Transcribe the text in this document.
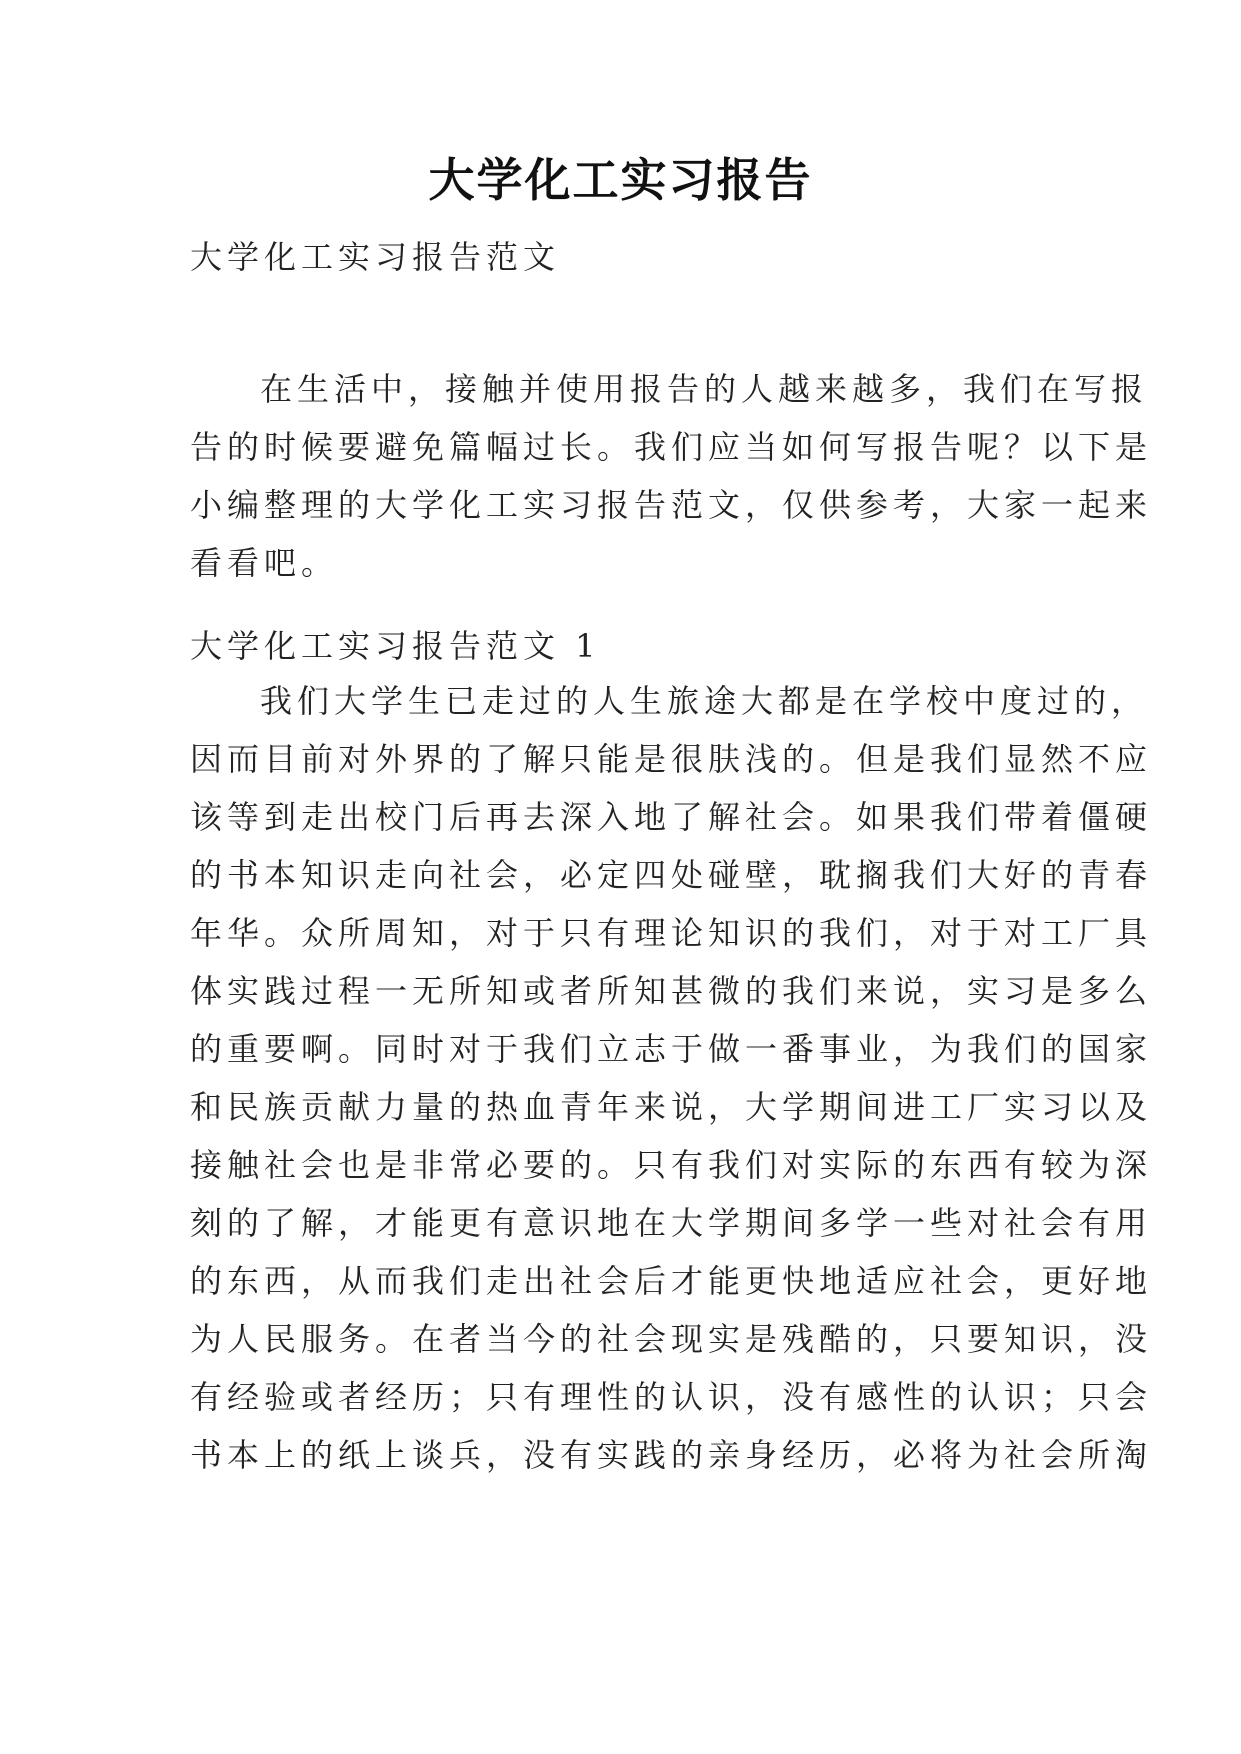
大学化工实习报告
大学化工实习报告范文
在生活中，接触并使用报告的人越来越多，我们在写报
告的时候要避免篇幅过长。我们应当如何写报告呢？以下是
小编整理的大学化工实习报告范文，仅供参考，大家一起来
看看吧。
大学化工实习报告范文 1
我们大学生已走过的人生旅途大都是在学校中度过的，
因而目前对外界的了解只能是很肤浅的。但是我们显然不应
该等到走出校门后再去深入地了解社会。如果我们带着僵硬
的书本知识走向社会，必定四处碰壁，耽搁我们大好的青春
年华。众所周知，对于只有理论知识的我们，对于对工厂具
体实践过程一无所知或者所知甚微的我们来说，实习是多么
的重要啊。同时对于我们立志于做一番事业，为我们的国家
和民族贡献力量的热血青年来说，大学期间进工厂实习以及
接触社会也是非常必要的。只有我们对实际的东西有较为深
刻的了解，才能更有意识地在大学期间多学一些对社会有用
的东西，从而我们走出社会后才能更快地适应社会，更好地
为人民服务。在者当今的社会现实是残酷的，只要知识，没
有经验或者经历；只有理性的认识，没有感性的认识；只会
书本上的纸上谈兵，没有实践的亲身经历，必将为社会所淘
